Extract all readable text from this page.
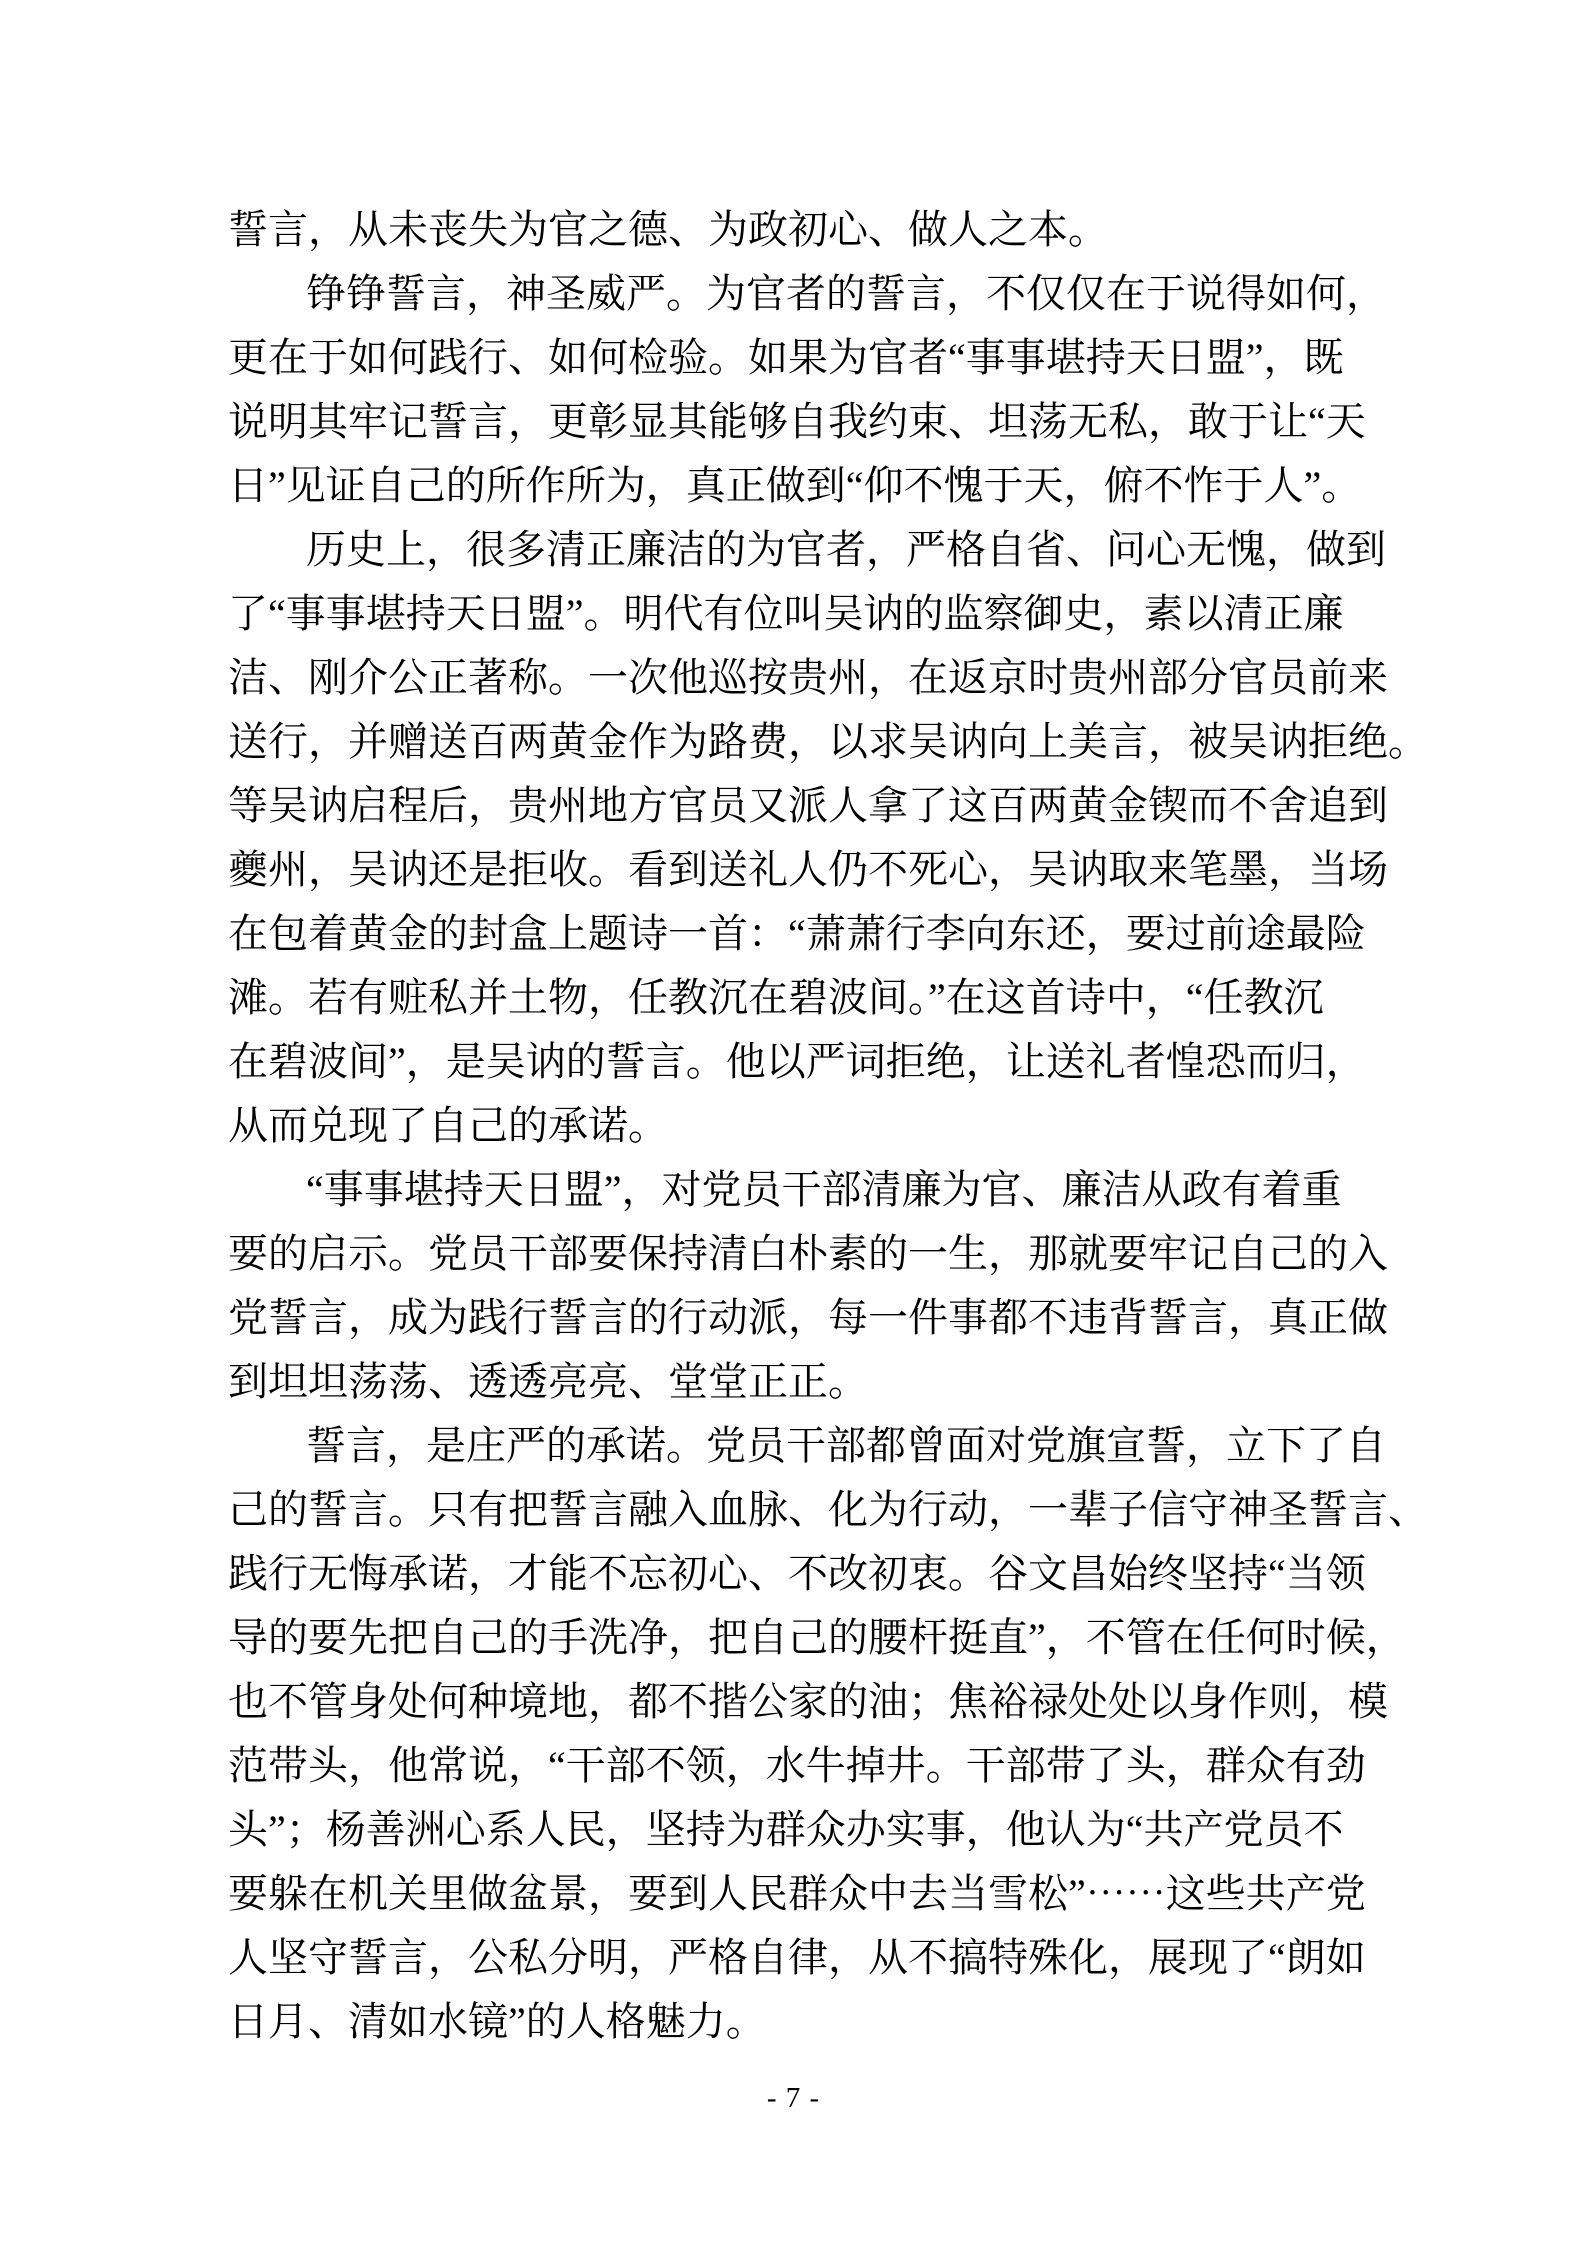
誓言，从未丧失为官之德、为政初心、做人之本。
铮铮誓言，神圣威严。为官者的誓言，不仅仅在于说得如何，
更在于如何践行、如何检验。如果为官者“事事堪持天日盟”，既
说明其牢记誓言，更彰显其能够自我约束、坦荡无私，敢于让“天
日”见证自己的所作所为，真正做到“仰不愧于天，俯不怍于人”。
历史上，很多清正廉洁的为官者，严格自省、问心无愧，做到
了“事事堪持天日盟”。明代有位叫吴讷的监察御史，素以清正廉
洁、刚介公正著称。一次他巡按贵州，在返京时贵州部分官员前来
送行，并赠送百两黄金作为路费，以求吴讷向上美言，被吴讷拒绝。
等吴讷启程后，贵州地方官员又派人拿了这百两黄金锲而不舍追到
夔州，吴讷还是拒收。看到送礼人仍不死心，吴讷取来笔墨，当场
在包着黄金的封盒上题诗一首：“萧萧行李向东还，要过前途最险
滩。若有赃私并土物，任教沉在碧波间。”在这首诗中，“任教沉
在碧波间”，是吴讷的誓言。他以严词拒绝，让送礼者惶恐而归，
从而兑现了自己的承诺。
“事事堪持天日盟”，对党员干部清廉为官、廉洁从政有着重
要的启示。党员干部要保持清白朴素的一生，那就要牢记自己的入
党誓言，成为践行誓言的行动派，每一件事都不违背誓言，真正做
到坦坦荡荡、透透亮亮、堂堂正正。
誓言，是庄严的承诺。党员干部都曾面对党旗宣誓，立下了自
己的誓言。只有把誓言融入血脉、化为行动，一辈子信守神圣誓言、
践行无悔承诺，才能不忘初心、不改初衷。谷文昌始终坚持“当领
导的要先把自己的手洗净，把自己的腰杆挺直”，不管在任何时候，
也不管身处何种境地，都不揩公家的油；焦裕禄处处以身作则，模
范带头，他常说，“干部不领，水牛掉井。干部带了头，群众有劲
头”；杨善洲心系人民，坚持为群众办实事，他认为“共产党员不
要躲在机关里做盆景，要到人民群众中去当雪松”⋯⋯这些共产党
人坚守誓言，公私分明，严格自律，从不搞特殊化，展现了“朗如
日月、清如水镜”的人格魅力。
- 7 -
